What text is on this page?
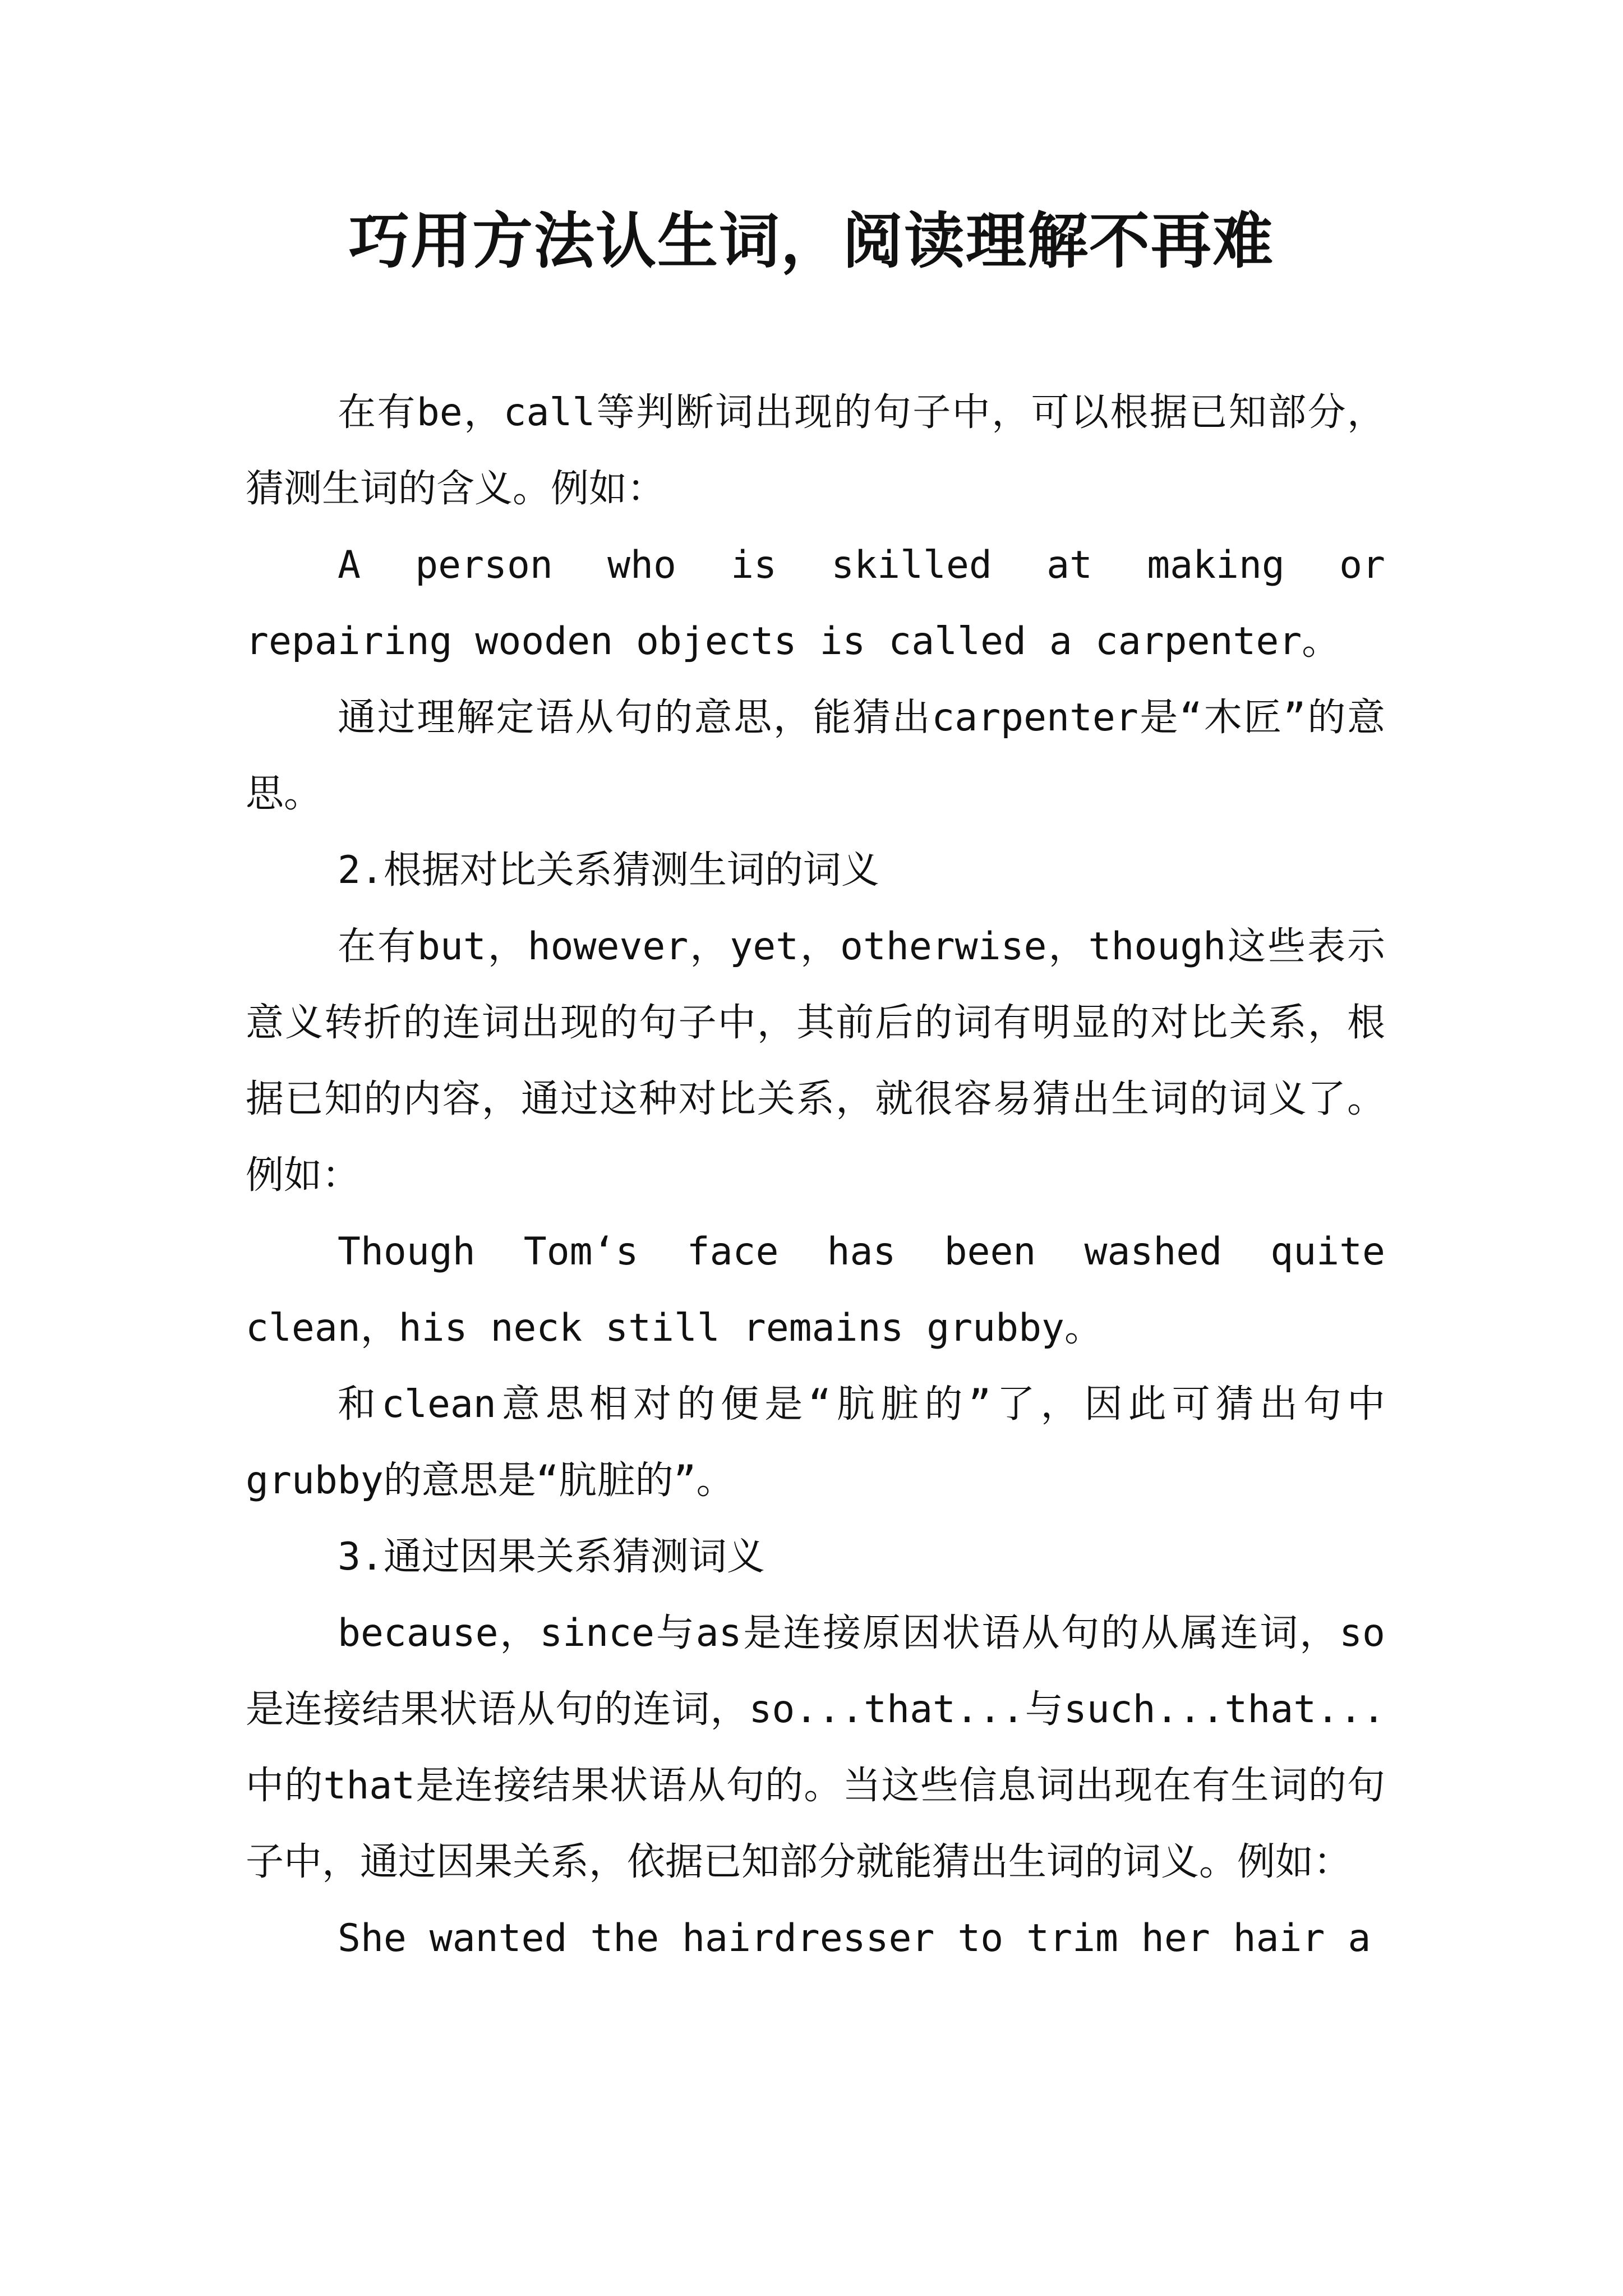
巧用方法认生词，阅读理解不再难

在有be，call等判断词出现的句子中，可以根据已知部分，猜测生词的含义。例如：

A person who is skilled at making or repairing wooden objects is called a carpenter。

通过理解定语从句的意思，能猜出carpenter是“木匠”的意思。

2.根据对比关系猜测生词的词义

在有but，however，yet，otherwise，though这些表示意义转折的连词出现的句子中，其前后的词有明显的对比关系，根据已知的内容，通过这种对比关系，就很容易猜出生词的词义了。例如：

Though Tom‘s face has been washed quite clean，his neck still remains grubby。

和clean意思相对的便是“肮脏的”了，因此可猜出句中grubby的意思是“肮脏的”。

3.通过因果关系猜测词义

because，since与as是连接原因状语从句的从属连词，so是连接结果状语从句的连词，so...that...与such...that...中的that是连接结果状语从句的。当这些信息词出现在有生词的句子中，通过因果关系，依据已知部分就能猜出生词的词义。例如：

She wanted the hairdresser to trim her hair a
